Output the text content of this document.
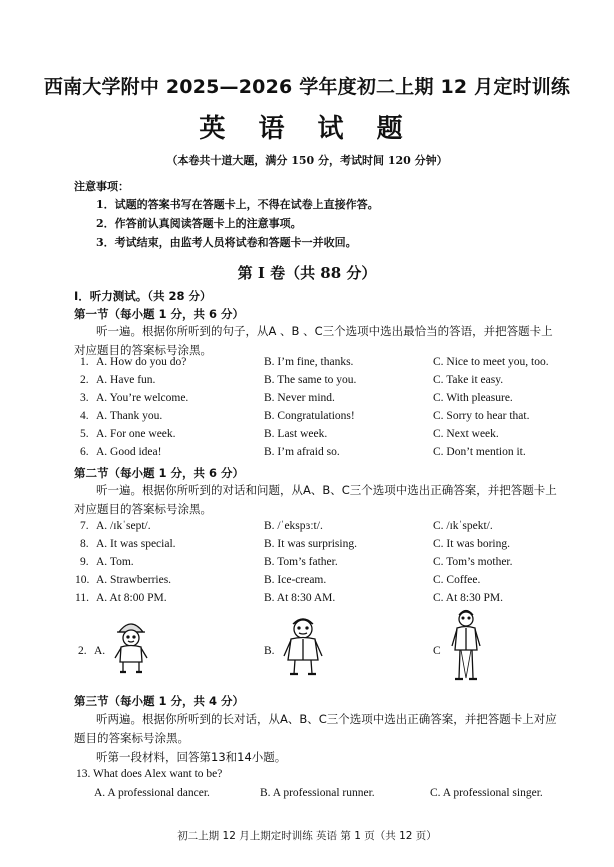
西南大学附中 2025—2026 学年度初二上期 12 月定时训练
英 语 试 题
（本卷共十道大题，满分 150 分，考试时间 120 分钟）
注意事项：
1．试题的答案书写在答题卡上，不得在试卷上直接作答。
2．作答前认真阅读答题卡上的注意事项。
3．考试结束，由监考人员将试卷和答题卡一并收回。
第 I 卷（共 88 分）
I．听力测试。（共 28 分）
第一节（每小题 1 分，共 6 分）
听一遍。根据你所听到的句子，从A 、B 、C三个选项中选出最恰当的答语，并把答题卡上对应题目的答案标号涂黑。
1. A. How do you do?	B. I’m fine, thanks.	C. Nice to meet you, too.
2. A. Have fun.	B. The same to you.	C. Take it easy.
3. A. You’re welcome.	B. Never mind.	C. With pleasure.
4. A. Thank you.	B. Congratulations!	C. Sorry to hear that.
5. A. For one week.	B. Last week.	C. Next week.
6. A. Good idea!	B. I’m afraid so.	C. Don’t mention it.
第二节（每小题 1 分，共 6 分）
听一遍。根据你所听到的对话和问题，从A、B、C三个选项中选出正确答案，并把答题卡上对应题目的答案标号涂黑。
7. A. /ɪkˈsept/.	B. /ˈekspɜːt/.	C. /ɪkˈspekt/.
8. A. It was special.	B. It was surprising.	C. It was boring.
9. A. Tom.	B. Tom’s father.	C. Tom’s mother.
10. A. Strawberries.	B. Ice-cream.	C. Coffee.
11. A. At 8:00 PM.	B. At 8:30 AM.	C. At 8:30 PM.
2. A.	B.	C
第三节（每小题 1 分，共 4 分）
听两遍。根据你所听到的长对话，从A、B、C三个选项中选出正确答案，并把答题卡上对应题目的答案标号涂黑。
听第一段材料，回答第13和14小题。
13. What does Alex want to be?
A. A professional dancer.	B. A professional runner.	C. A professional singer.
初二上期 12 月上期定时训练 英语 第 1 页（共 12 页）
